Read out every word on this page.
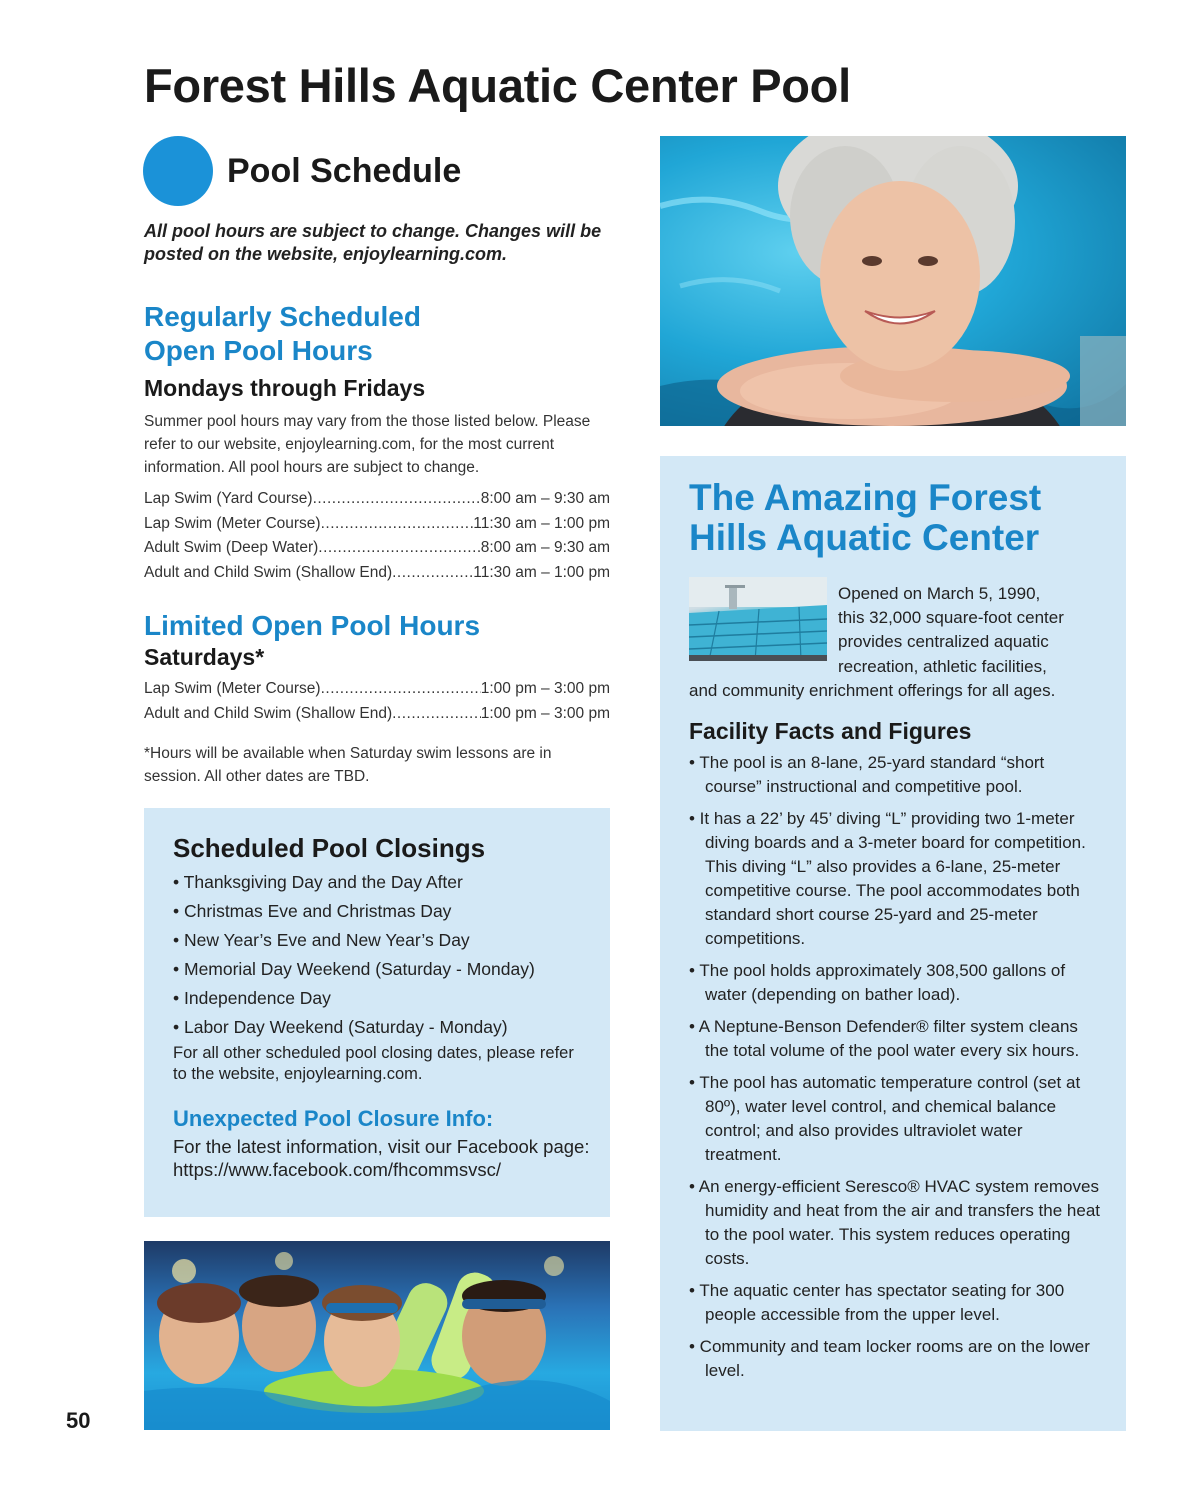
Forest Hills Aquatic Center Pool
Pool Schedule
All pool hours are subject to change. Changes will be posted on the website, enjoylearning.com.
Regularly Scheduled
Open Pool Hours
Mondays through Fridays
Summer pool hours may vary from the those listed below. Please refer to our website, enjoylearning.com, for the most current information. All pool hours are subject to change.
Lap Swim (Yard Course) .....	8:00 am – 9:30 am
Lap Swim (Meter Course) .....	11:30 am – 1:00 pm
Adult Swim (Deep Water) .....	8:00 am – 9:30 am
Adult and Child Swim (Shallow End) .....	11:30 am – 1:00 pm
Limited Open Pool Hours
Saturdays*
Lap Swim (Meter Course) .....	1:00 pm – 3:00 pm
Adult and Child Swim (Shallow End) .....	1:00 pm – 3:00 pm
*Hours will be available when Saturday swim lessons are in session. All other dates are TBD.
Scheduled Pool Closings
• Thanksgiving Day and the Day After
• Christmas Eve and Christmas Day
• New Year’s Eve and New Year’s Day
• Memorial Day Weekend (Saturday - Monday)
• Independence Day
• Labor Day Weekend (Saturday - Monday)
For all other scheduled pool closing dates, please refer to the website, enjoylearning.com.
Unexpected Pool Closure Info:
For the latest information, visit our Facebook page: https://www.facebook.com/fhcommsvsc/
The Amazing Forest
Hills Aquatic Center
Opened on March 5, 1990,
this 32,000 square-foot center
provides centralized aquatic
recreation, athletic facilities,
and community enrichment offerings for all ages.
Facility Facts and Figures
• The pool is an 8-lane, 25-yard standard “short course” instructional and competitive pool.
• It has a 22’ by 45’ diving “L” providing two 1-meter diving boards and a 3-meter board for competition. This diving “L” also provides a 6-lane, 25-meter competitive course. The pool accommodates both standard short course 25-yard and 25-meter competitions.
• The pool holds approximately 308,500 gallons of water (depending on bather load).
• A Neptune-Benson Defender® filter system cleans the total volume of the pool water every six hours.
• The pool has automatic temperature control (set at 80º), water level control, and chemical balance control; and also provides ultraviolet water treatment.
• An energy-efficient Seresco® HVAC system removes humidity and heat from the air and transfers the heat to the pool water. This system reduces operating costs.
• The aquatic center has spectator seating for 300 people accessible from the upper level.
• Community and team locker rooms are on the lower level.
50
